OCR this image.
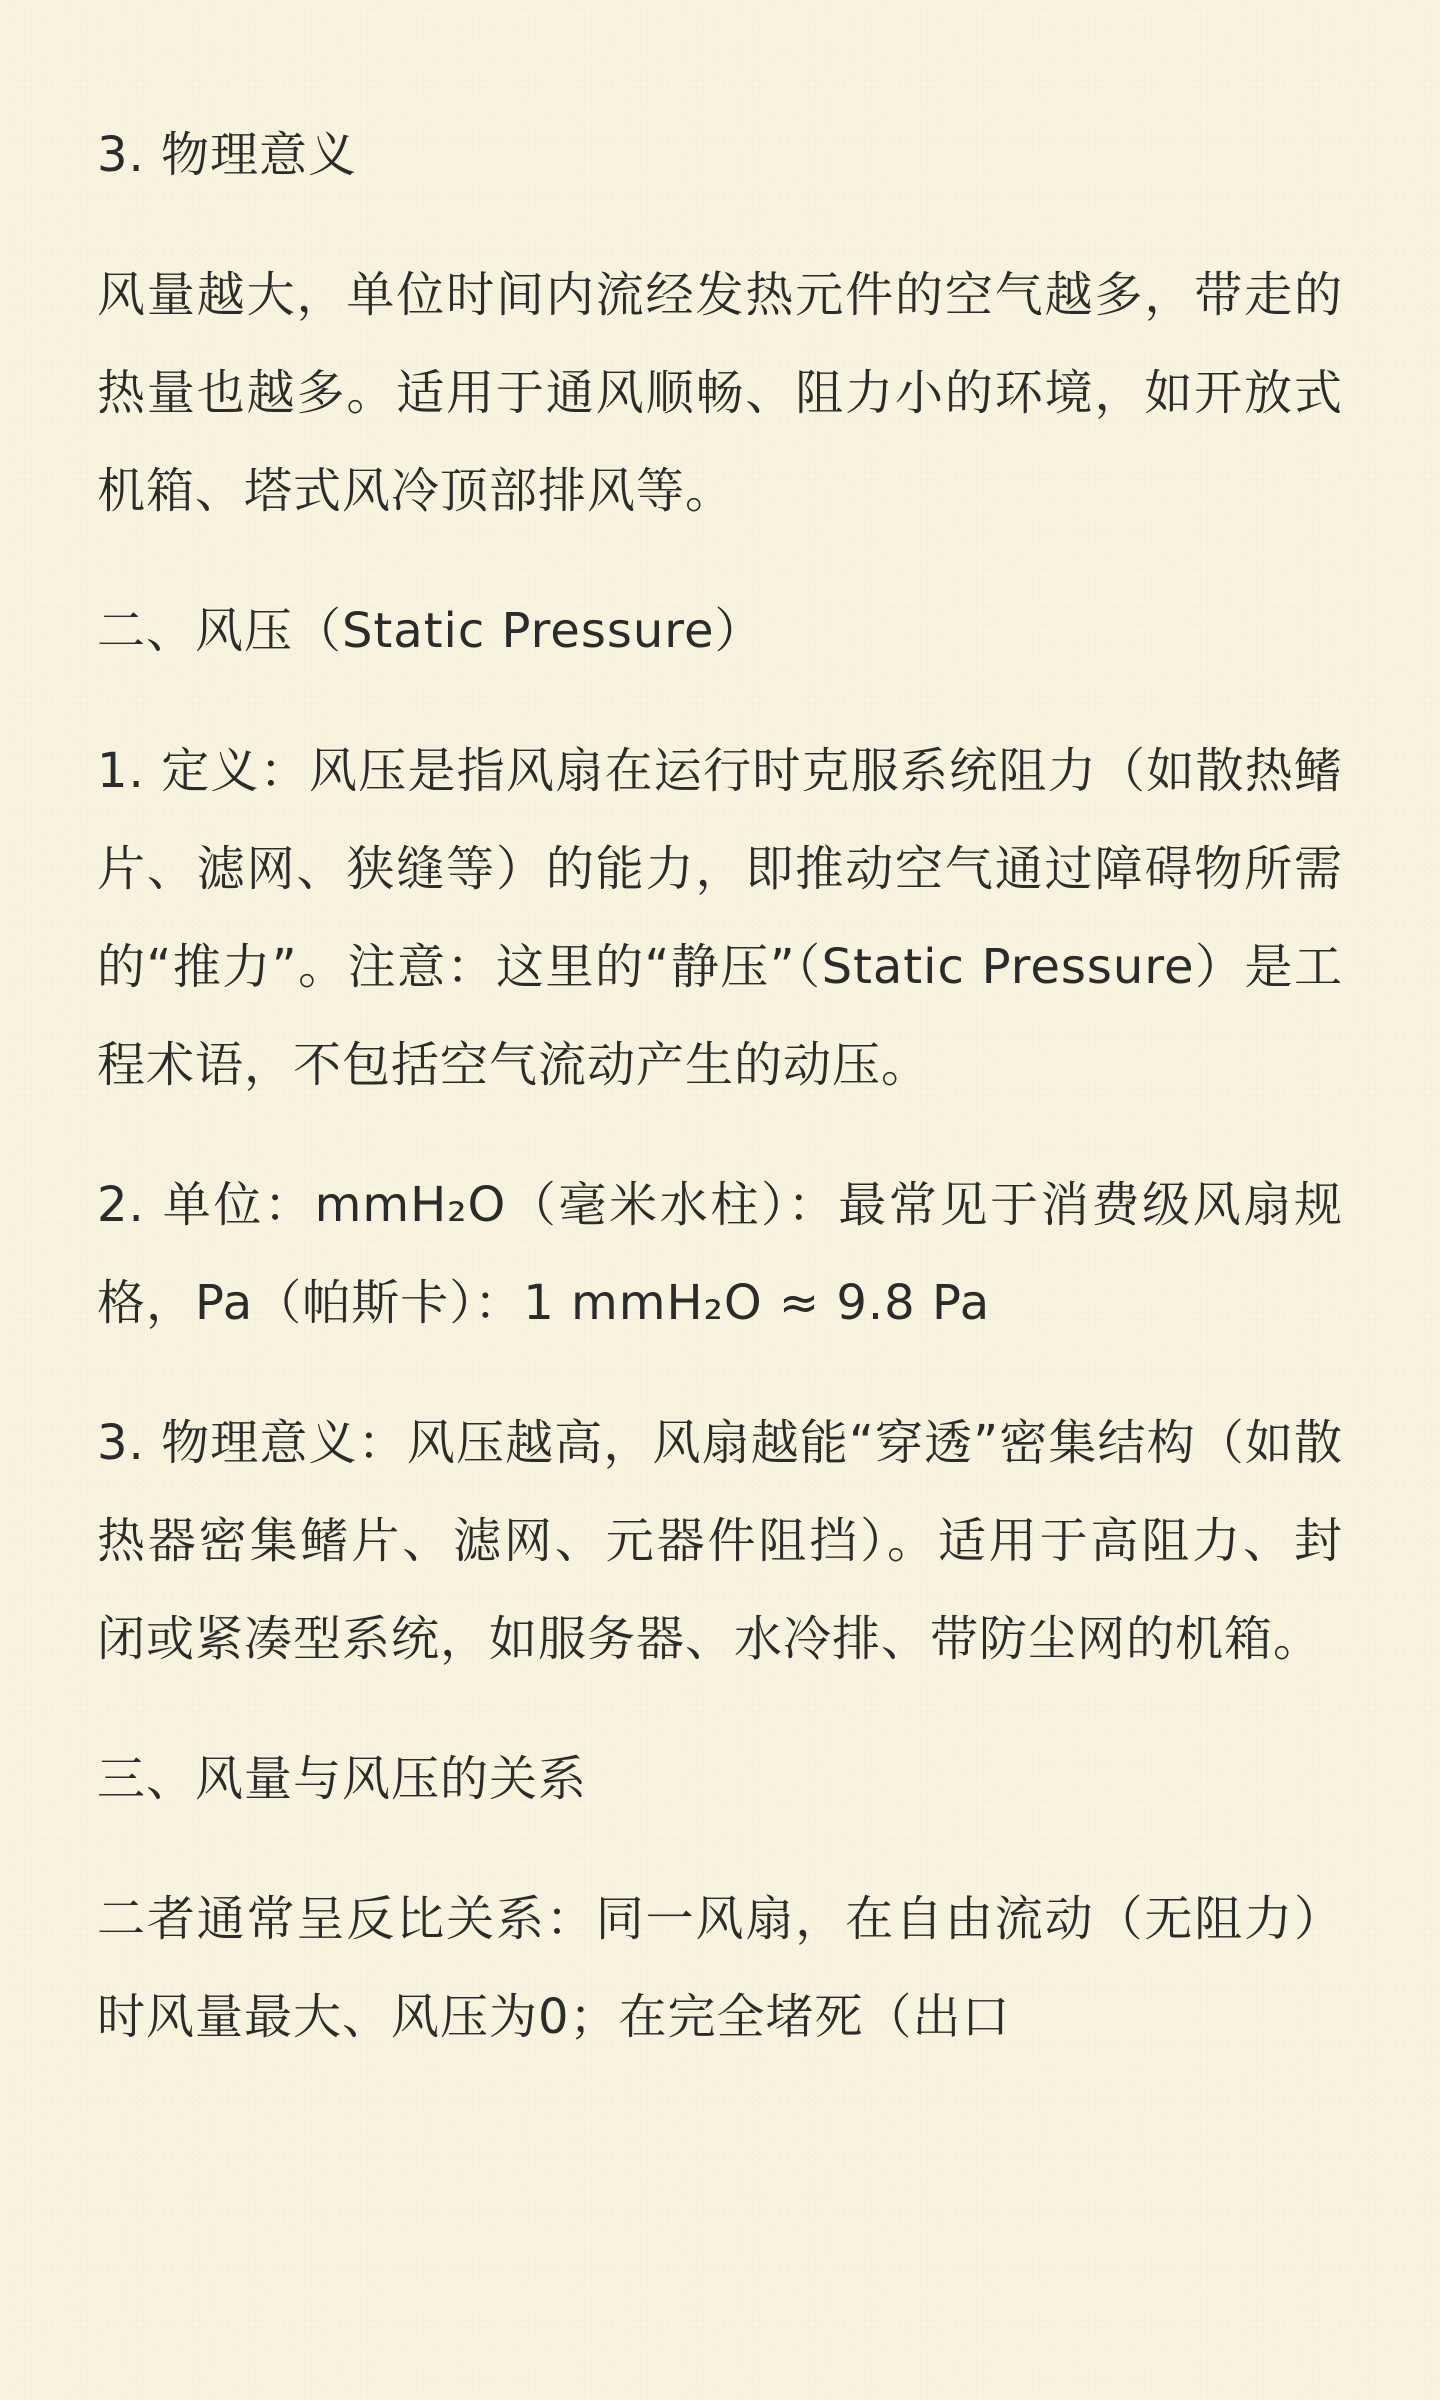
3. 物理意义

风量越大，单位时间内流经发热元件的空气越多，带走的热量也越多。适用于通风顺畅、阻力小的环境，如开放式机箱、塔式风冷顶部排风等。

二、风压（Static Pressure）

1. 定义：风压是指风扇在运行时克服系统阻力（如散热鳍片、滤网、狭缝等）的能力，即推动空气通过障碍物所需的“推力”。注意：这里的“静压”（Static Pressure）是工程术语，不包括空气流动产生的动压。

2. 单位：mmH₂O（毫米水柱）：最常见于消费级风扇规格，Pa（帕斯卡）：1 mmH₂O ≈ 9.8 Pa

3. 物理意义：风压越高，风扇越能“穿透”密集结构（如散热器密集鳍片、滤网、元器件阻挡）。适用于高阻力、封闭或紧凑型系统，如服务器、水冷排、带防尘网的机箱。

三、风量与风压的关系

二者通常呈反比关系：同一风扇，在自由流动（无阻力）时风量最大、风压为0；在完全堵死（出口
